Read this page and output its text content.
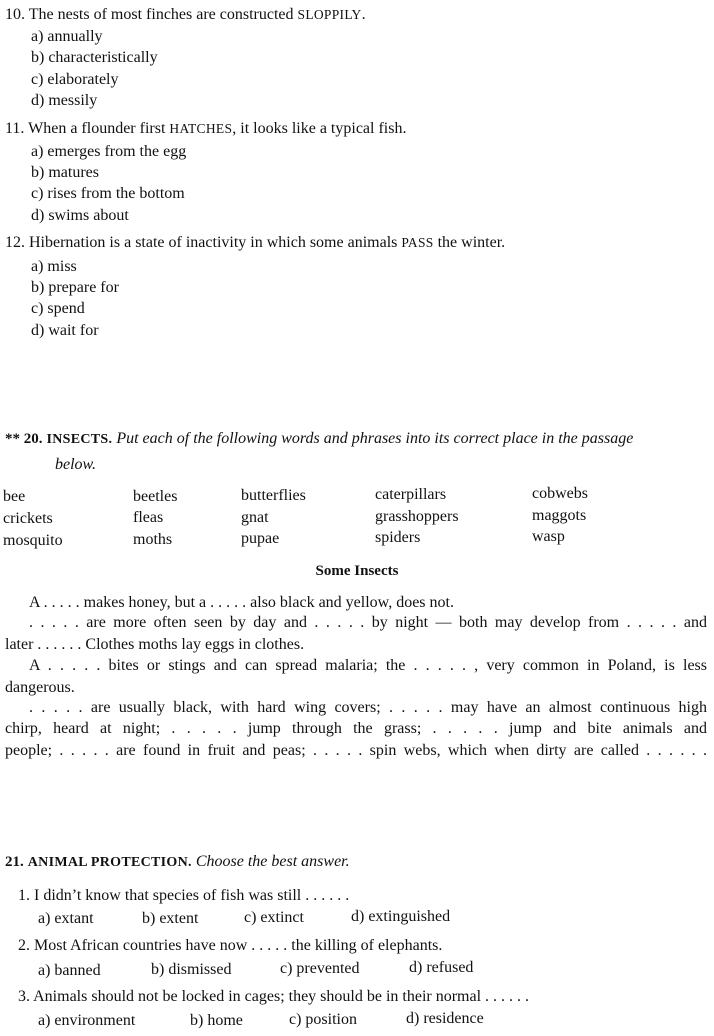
10. The nests of most finches are constructed SLOPPILY.
a) annually
b) characteristically
c) elaborately
d) messily
11. When a flounder first HATCHES, it looks like a typical fish.
a) emerges from the egg
b) matures
c) rises from the bottom
d) swims about
12. Hibernation is a state of inactivity in which some animals PASS the winter.
a) miss
b) prepare for
c) spend
d) wait for
** 20. INSECTS. Put each of the following words and phrases into its correct place in the passage
below.
bee	beetles	butterflies	caterpillars	cobwebs
crickets	fleas	gnat	grasshoppers	maggots
mosquito	moths	pupae	spiders	wasp
Some Insects
A . . . . . makes honey, but a . . . . . also black and yellow, does not.
. . . . . are more often seen by day and . . . . . by night — both may develop from . . . . . and
later . . . . . . Clothes moths lay eggs in clothes.
A . . . . . bites or stings and can spread malaria; the . . . . . , very common in Poland, is less
dangerous.
. . . . . are usually black, with hard wing covers; . . . . . may have an almost continuous high
chirp, heard at night; . . . . . jump through the grass; . . . . . jump and bite animals and
people; . . . . . are found in fruit and peas; . . . . . spin webs, which when dirty are called . . . . . .
21. ANIMAL PROTECTION. Choose the best answer.
1. I didn’t know that species of fish was still . . . . . .
a) extant	b) extent	c) extinct	d) extinguished
2. Most African countries have now . . . . . the killing of elephants.
a) banned	b) dismissed	c) prevented	d) refused
3. Animals should not be locked in cages; they should be in their normal . . . . . .
a) environment	b) home	c) position	d) residence
